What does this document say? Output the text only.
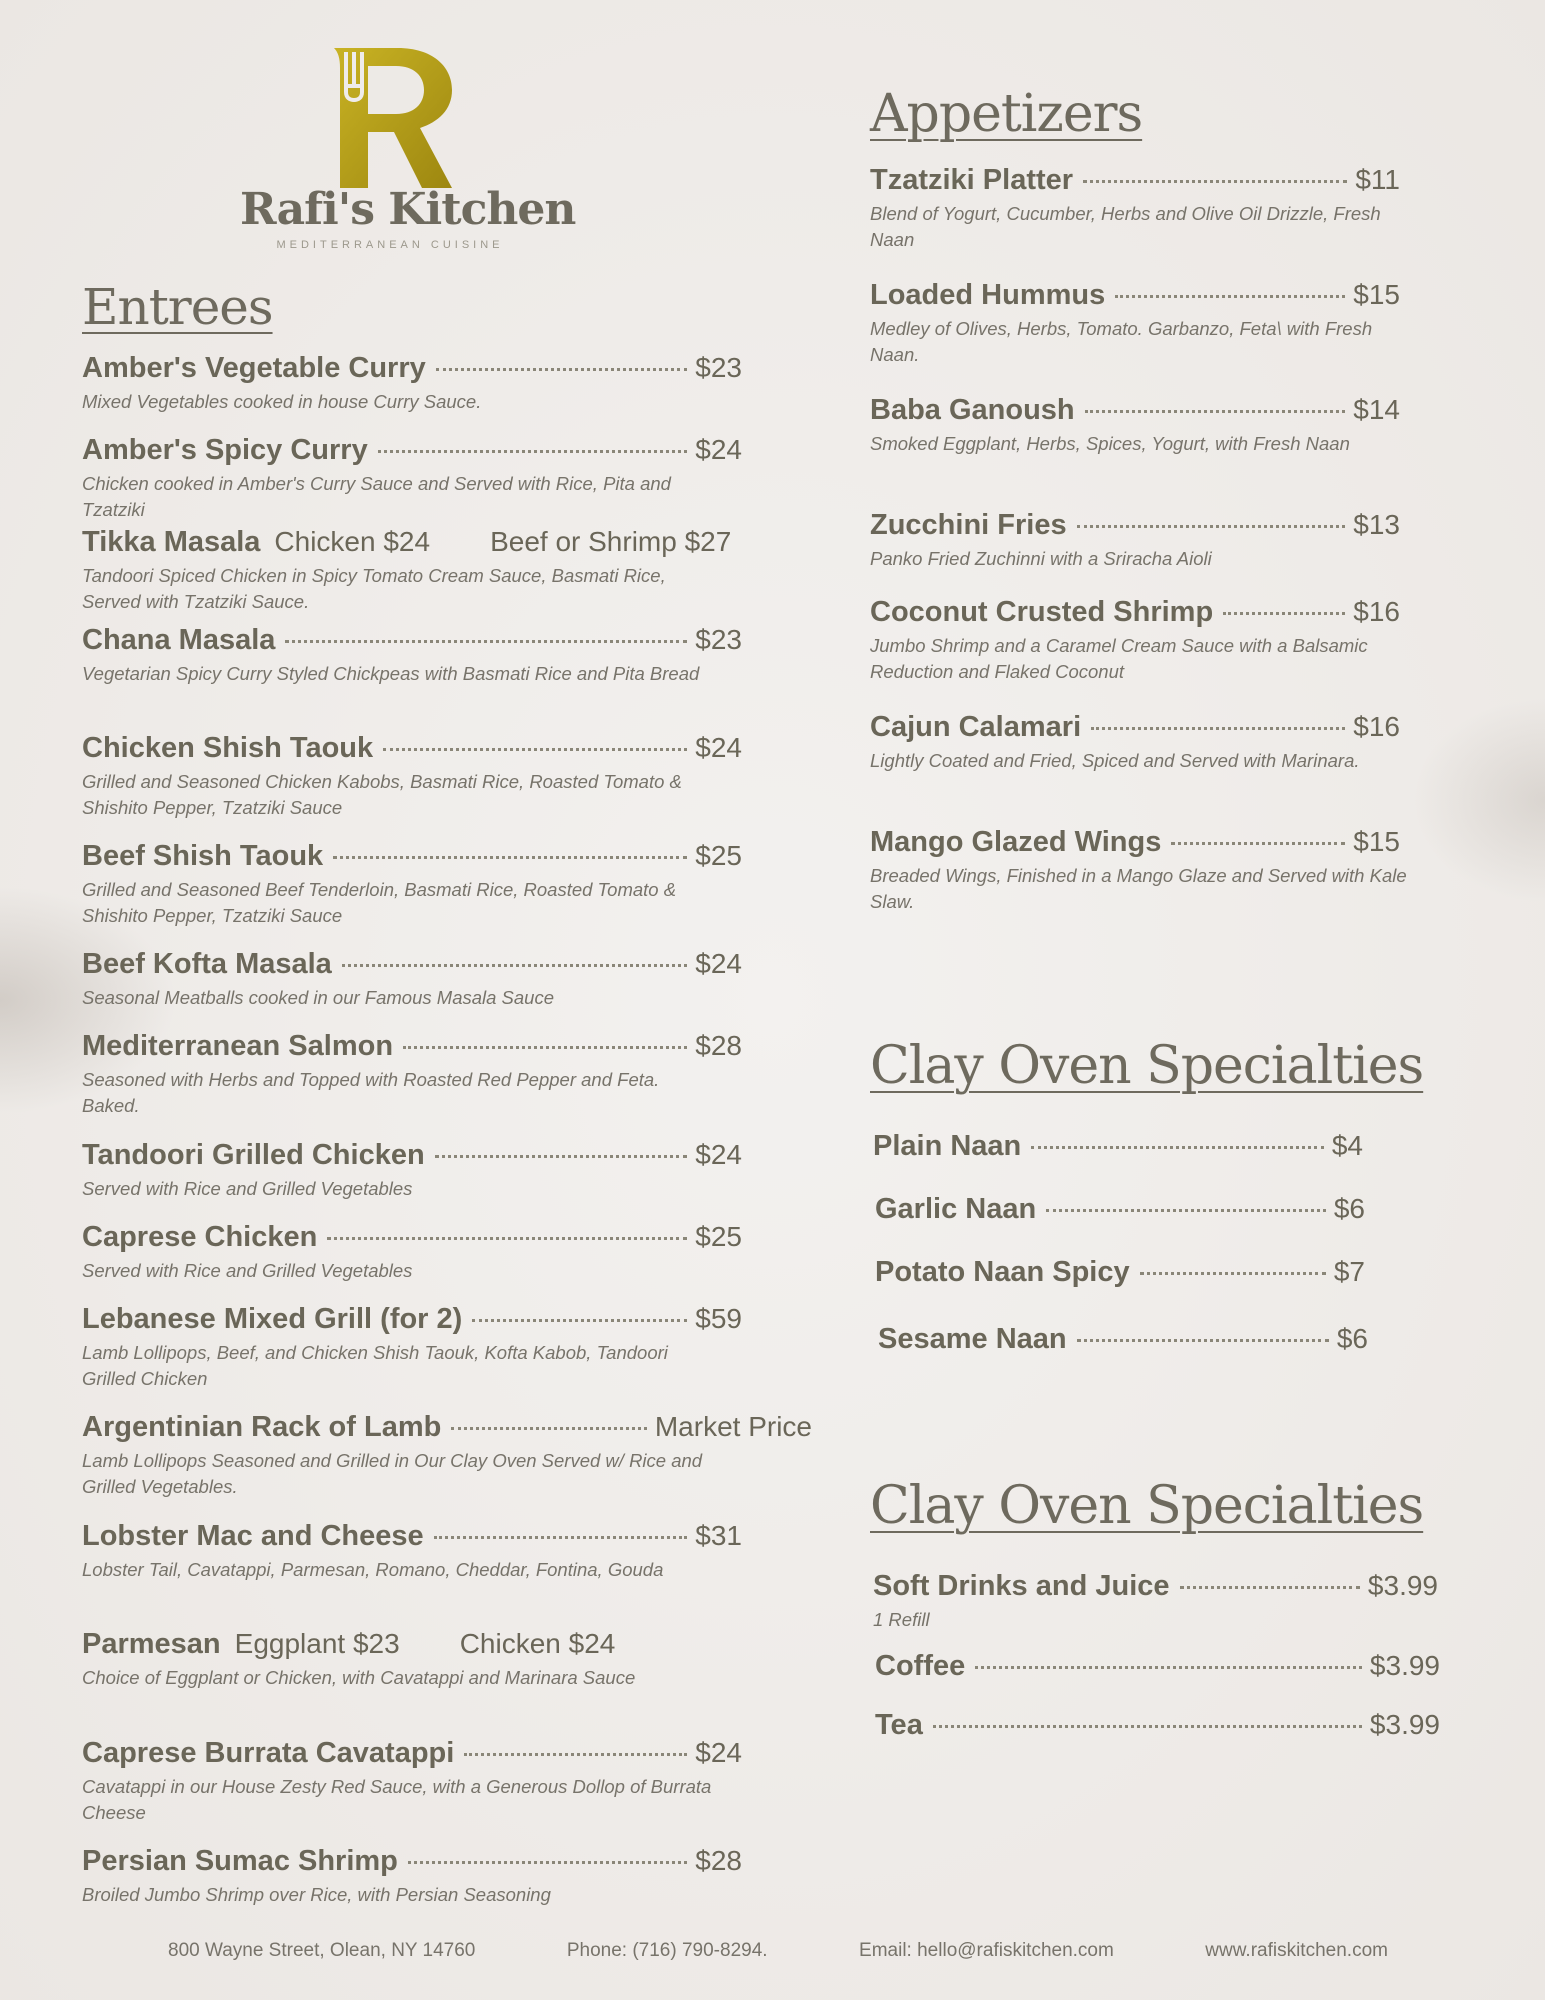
Rafi's Kitchen
MEDITERRANEAN CUISINE
Entrees
Amber's Vegetable Curry	$23
Mixed Vegetables cooked in house Curry Sauce.
Amber's Spicy Curry	$24
Chicken cooked in Amber's Curry Sauce and Served with Rice, Pita and Tzatziki
Tikka Masala Chicken $24 Beef or Shrimp $27
Tandoori Spiced Chicken in Spicy Tomato Cream Sauce, Basmati Rice, Served with Tzatziki Sauce.
Chana Masala	$23
Vegetarian Spicy Curry Styled Chickpeas with Basmati Rice and Pita Bread
Chicken Shish Taouk	$24
Grilled and Seasoned Chicken Kabobs, Basmati Rice, Roasted Tomato & Shishito Pepper, Tzatziki Sauce
Beef Shish Taouk	$25
Grilled and Seasoned Beef Tenderloin, Basmati Rice, Roasted Tomato & Shishito Pepper, Tzatziki Sauce
Beef Kofta Masala	$24
Seasonal Meatballs cooked in our Famous Masala Sauce
Mediterranean Salmon	$28
Seasoned with Herbs and Topped with Roasted Red Pepper and Feta. Baked.
Tandoori Grilled Chicken	$24
Served with Rice and Grilled Vegetables
Caprese Chicken	$25
Served with Rice and Grilled Vegetables
Lebanese Mixed Grill (for 2)	$59
Lamb Lollipops, Beef, and Chicken Shish Taouk, Kofta Kabob, Tandoori Grilled Chicken
Argentinian Rack of Lamb	Market Price
Lamb Lollipops Seasoned and Grilled in Our Clay Oven Served w/ Rice and Grilled Vegetables.
Lobster Mac and Cheese	$31
Lobster Tail, Cavatappi, Parmesan, Romano, Cheddar, Fontina, Gouda
Parmesan Eggplant $23 Chicken $24
Choice of Eggplant or Chicken, with Cavatappi and Marinara Sauce
Caprese Burrata Cavatappi	$24
Cavatappi in our House Zesty Red Sauce, with a Generous Dollop of Burrata Cheese
Persian Sumac Shrimp	$28
Broiled Jumbo Shrimp over Rice, with Persian Seasoning
Appetizers
Tzatziki Platter	$11
Blend of Yogurt, Cucumber, Herbs and Olive Oil Drizzle, Fresh Naan
Loaded Hummus	$15
Medley of Olives, Herbs, Tomato. Garbanzo, Feta\ with Fresh Naan.
Baba Ganoush	$14
Smoked Eggplant, Herbs, Spices, Yogurt, with Fresh Naan
Zucchini Fries	$13
Panko Fried Zuchinni with a Sriracha Aioli
Coconut Crusted Shrimp	$16
Jumbo Shrimp and a Caramel Cream Sauce with a Balsamic Reduction and Flaked Coconut
Cajun Calamari	$16
Lightly Coated and Fried, Spiced and Served with Marinara.
Mango Glazed Wings	$15
Breaded Wings, Finished in a Mango Glaze and Served with Kale Slaw.
Clay Oven Specialties
Plain Naan	$4
Garlic Naan	$6
Potato Naan Spicy	$7
Sesame Naan	$6
Clay Oven Specialties
Soft Drinks and Juice	$3.99
1 Refill
Coffee	$3.99
Tea	$3.99
800 Wayne Street, Olean, NY 14760	Phone: (716) 790-8294.	Email: hello@rafiskitchen.com	www.rafiskitchen.com
